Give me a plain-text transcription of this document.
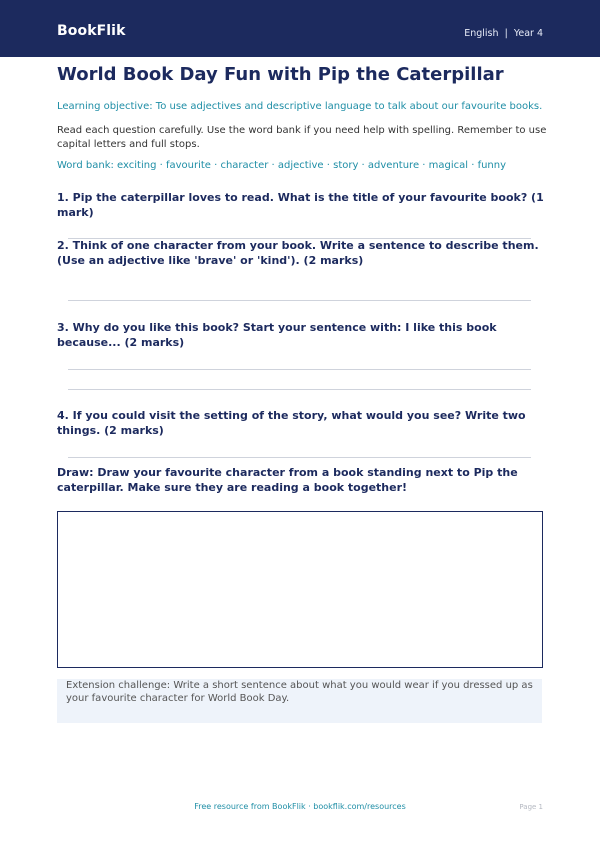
BookFlik	English | Year 4
World Book Day Fun with Pip the Caterpillar
Learning objective: To use adjectives and descriptive language to talk about our favourite books.
Read each question carefully. Use the word bank if you need help with spelling. Remember to use capital letters and full stops.
Word bank: exciting · favourite · character · adjective · story · adventure · magical · funny
1. Pip the caterpillar loves to read. What is the title of your favourite book? (1 mark)
2. Think of one character from your book. Write a sentence to describe them. (Use an adjective like 'brave' or 'kind'). (2 marks)
3. Why do you like this book? Start your sentence with: I like this book because... (2 marks)
4. If you could visit the setting of the story, what would you see? Write two things. (2 marks)
Draw: Draw your favourite character from a book standing next to Pip the caterpillar. Make sure they are reading a book together!
Extension challenge: Write a short sentence about what you would wear if you dressed up as your favourite character for World Book Day.
Free resource from BookFlik · bookflik.com/resources	Page 1
